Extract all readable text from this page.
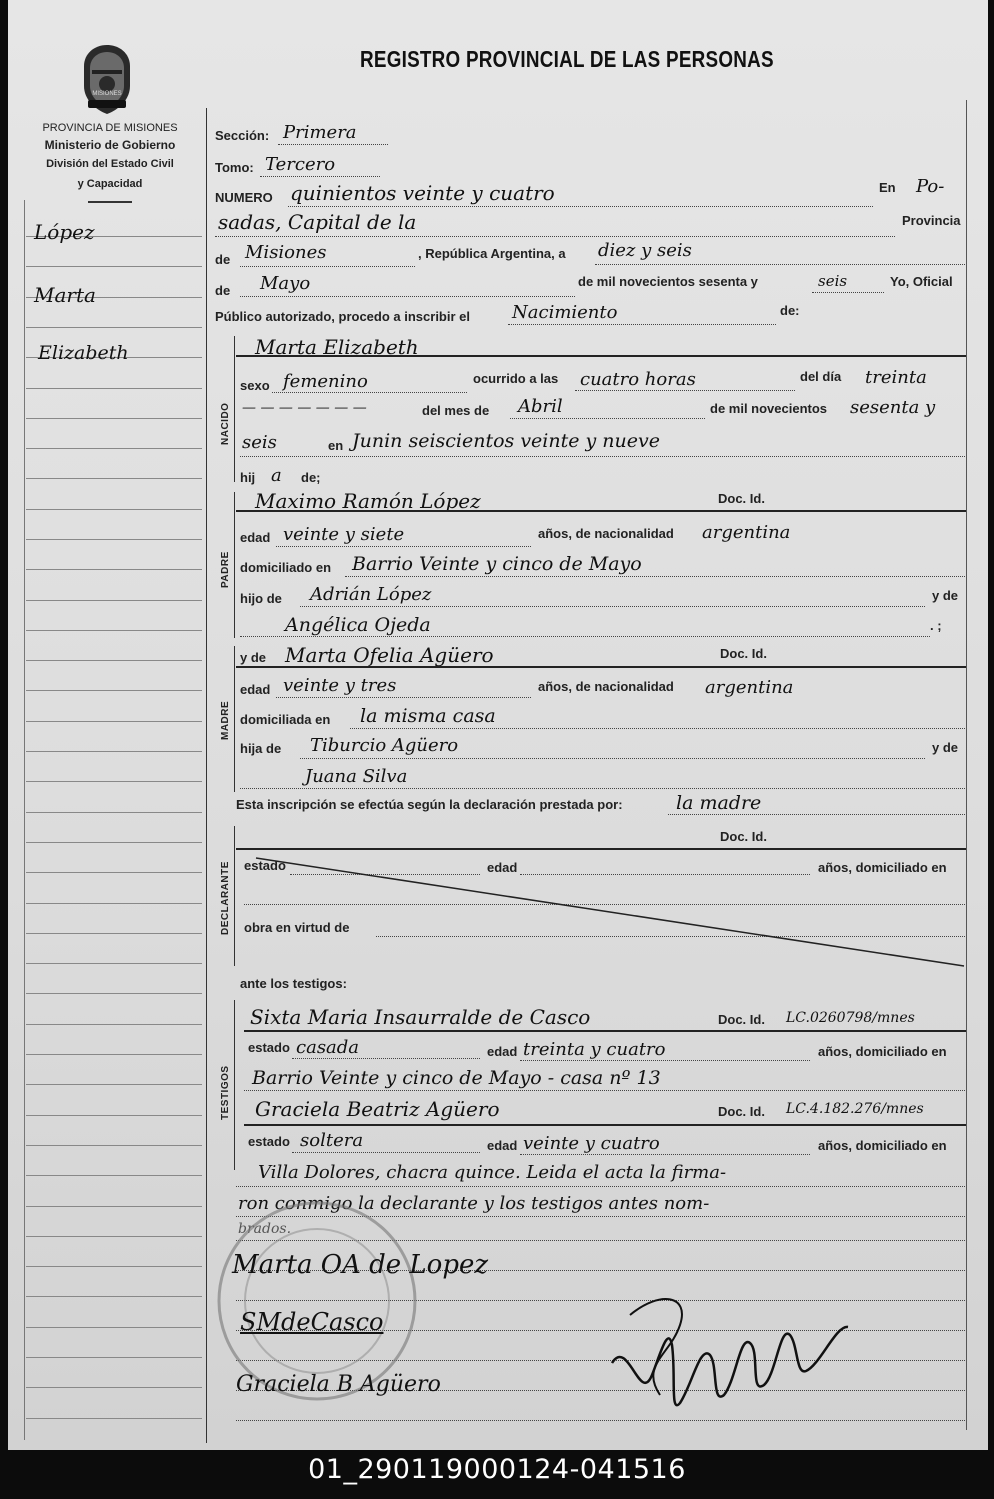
REGISTRO PROVINCIAL DE LAS PERSONAS
MISIONES
PROVINCIA DE MISIONES
Ministerio de Gobierno
División del Estado Civil
y Capacidad
López
Marta
Elizabeth
Sección: Primera
Tomo: Tercero
NUMERO quinientos veinte y cuatro	En Po-
sadas, Capital de la	Provincia
de Misiones	, República Argentina, a diez y seis
de Mayo	de mil novecientos sesenta y	seis	Yo, Oficial
Público autorizado, procedo a inscribir el Nacimiento	de:
NACIDO
Marta Elizabeth
sexo femenino	ocurrido a las cuatro horas	del día treinta
— — — — — — —	del mes de Abril	de mil novecientos sesenta y
seis	en Junin seiscientos veinte y nueve
hij a de;
PADRE
Maximo Ramón López	Doc. Id.
edad veinte y siete	años, de nacionalidad argentina
domiciliado en Barrio Veinte y cinco de Mayo
hijo de Adrián López	y de
Angélica Ojeda	. ;
MADRE
y de Marta Ofelia Agüero	Doc. Id.
edad veinte y tres	años, de nacionalidad argentina
domiciliada en la misma casa
hija de Tiburcio Agüero	y de
Juana Silva
Esta inscripción se efectúa según la declaración prestada por:	la madre
DECLARANTE
Doc. Id.
estado	edad	años, domiciliado en
obra en virtud de
ante los testigos:
TESTIGOS
Sixta Maria Insaurralde de Casco	Doc. Id. LC.0260798/mnes
estado casada	edad treinta y cuatro	años, domiciliado en
Barrio Veinte y cinco de Mayo - casa nº 13
Graciela Beatriz Agüero	Doc. Id. LC.4.182.276/mnes
estado soltera	edad veinte y cuatro	años, domiciliado en
Villa Dolores, chacra quince. Leida el acta la firma-
ron conmigo la declarante y los testigos antes nom-
brados.
Marta OA de Lopez
SMdeCasco
Graciela B Agüero
01_290119000124-041516
